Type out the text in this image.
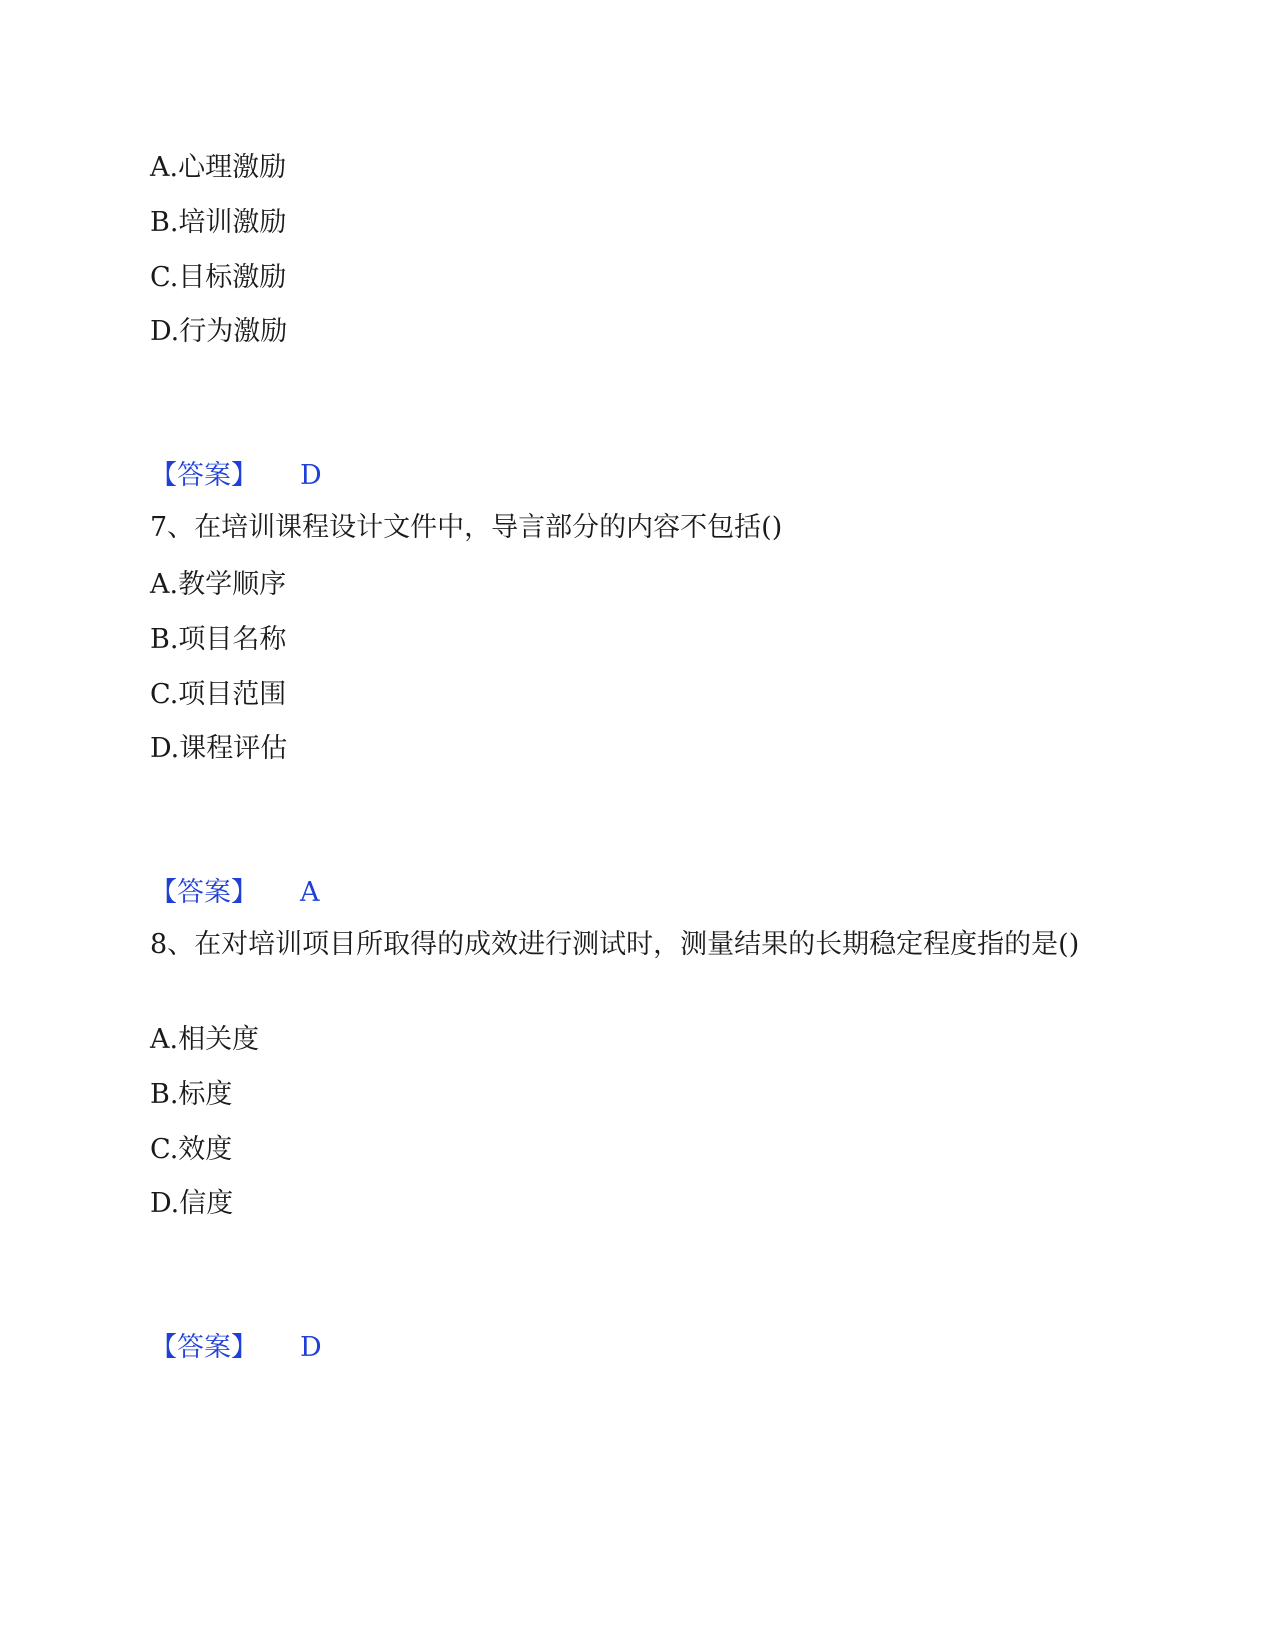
A.心理激励
B.培训激励
C.目标激励
D.行为激励
【答案】 D
7、在培训课程设计文件中，导言部分的内容不包括()
A.教学顺序
B.项目名称
C.项目范围
D.课程评估
【答案】 A
8、在对培训项目所取得的成效进行测试时，测量结果的长期稳定程度指的是()
A.相关度
B.标度
C.效度
D.信度
【答案】 D
